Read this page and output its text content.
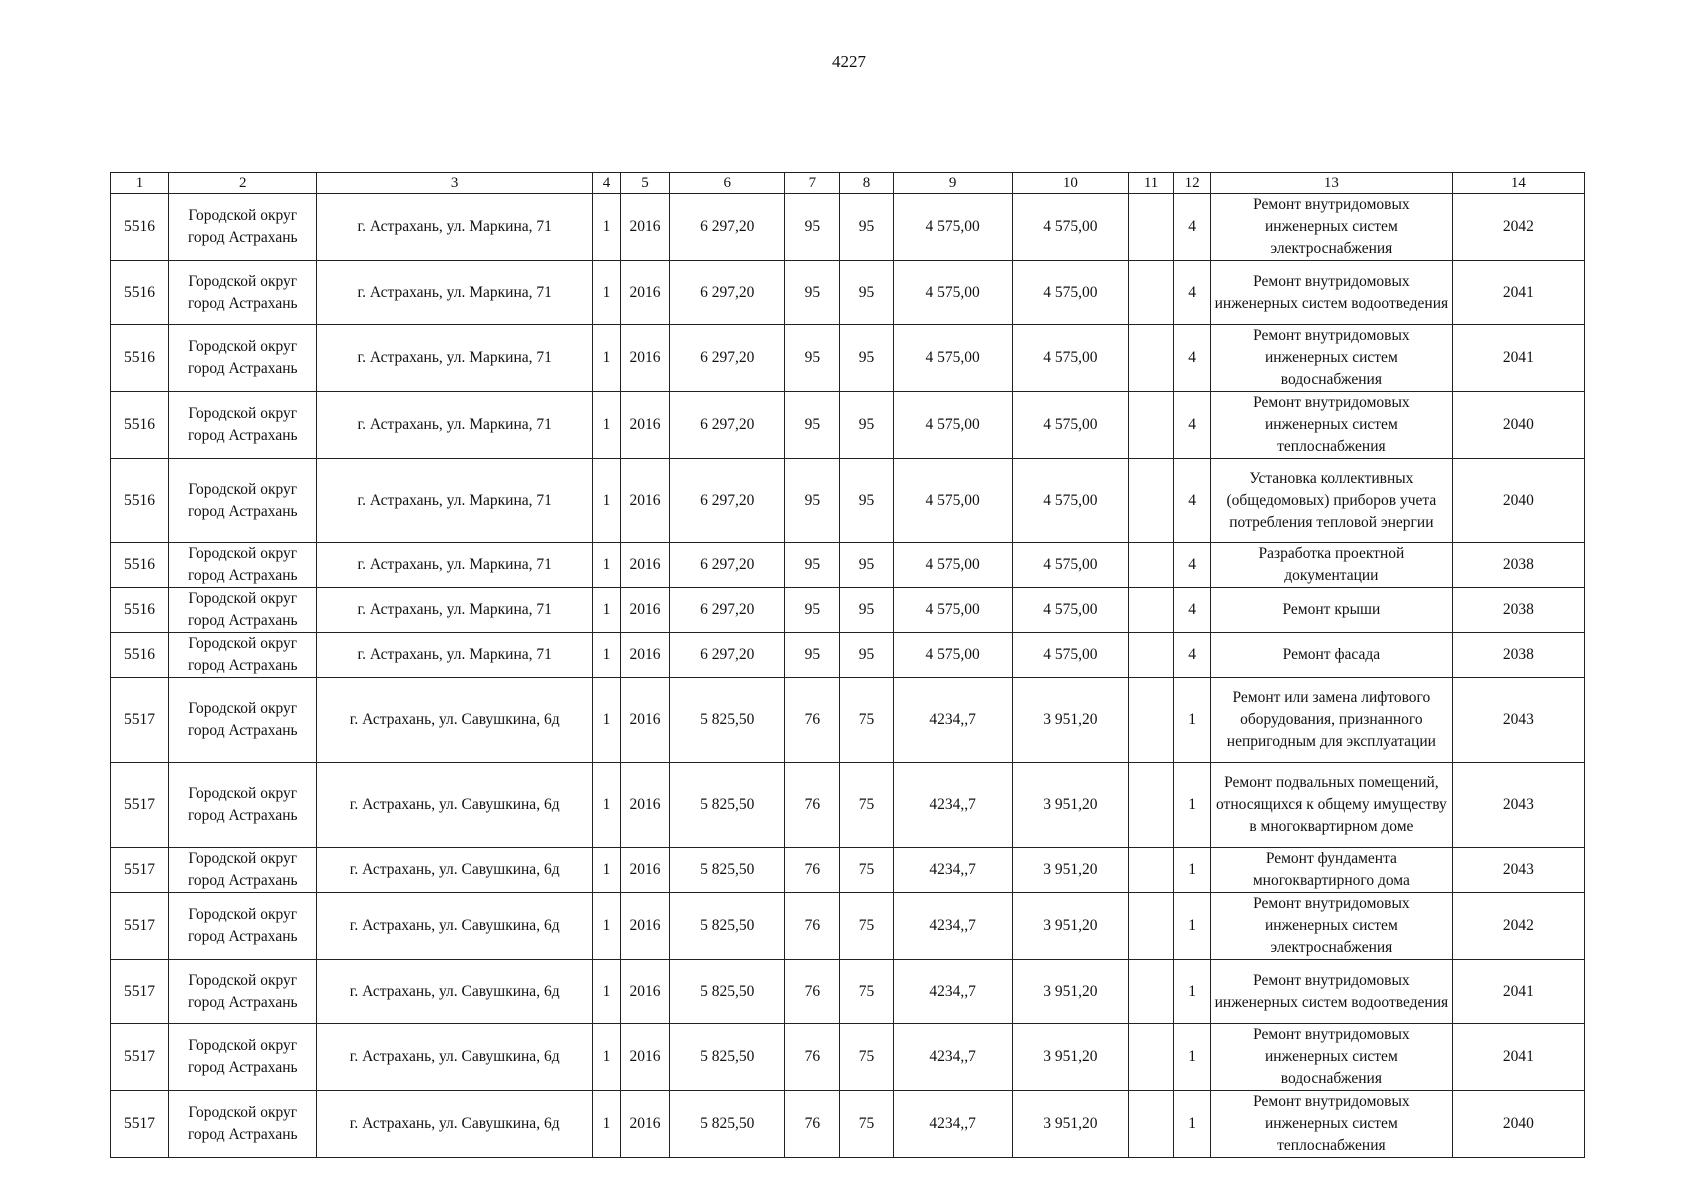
4227
1	2	3	4	5	6	7	8	9	10	11	12	13	14
5516	Городской округ город Астрахань	г. Астрахань, ул. Маркина, 71	1	2016	6 297,20	95	95	4 575,00	4 575,00		4	Ремонт внутридомовых инженерных систем электроснабжения	2042
5516	Городской округ город Астрахань	г. Астрахань, ул. Маркина, 71	1	2016	6 297,20	95	95	4 575,00	4 575,00		4	Ремонт внутридомовых инженерных систем водоотведения	2041
5516	Городской округ город Астрахань	г. Астрахань, ул. Маркина, 71	1	2016	6 297,20	95	95	4 575,00	4 575,00		4	Ремонт внутридомовых инженерных систем водоснабжения	2041
5516	Городской округ город Астрахань	г. Астрахань, ул. Маркина, 71	1	2016	6 297,20	95	95	4 575,00	4 575,00		4	Ремонт внутридомовых инженерных систем теплоснабжения	2040
5516	Городской округ город Астрахань	г. Астрахань, ул. Маркина, 71	1	2016	6 297,20	95	95	4 575,00	4 575,00		4	Установка коллективных (общедомовых) приборов учета потребления тепловой энергии	2040
5516	Городской округ город Астрахань	г. Астрахань, ул. Маркина, 71	1	2016	6 297,20	95	95	4 575,00	4 575,00		4	Разработка проектной документации	2038
5516	Городской округ город Астрахань	г. Астрахань, ул. Маркина, 71	1	2016	6 297,20	95	95	4 575,00	4 575,00		4	Ремонт крыши	2038
5516	Городской округ город Астрахань	г. Астрахань, ул. Маркина, 71	1	2016	6 297,20	95	95	4 575,00	4 575,00		4	Ремонт фасада	2038
5517	Городской округ город Астрахань	г. Астрахань, ул. Савушкина, 6д	1	2016	5 825,50	76	75	4234,,7	3 951,20		1	Ремонт или замена лифтового оборудования, признанного непригодным для эксплуатации	2043
5517	Городской округ город Астрахань	г. Астрахань, ул. Савушкина, 6д	1	2016	5 825,50	76	75	4234,,7	3 951,20		1	Ремонт подвальных помещений, относящихся к общему имуществу в многоквартирном доме	2043
5517	Городской округ город Астрахань	г. Астрахань, ул. Савушкина, 6д	1	2016	5 825,50	76	75	4234,,7	3 951,20		1	Ремонт фундамента многоквартирного дома	2043
5517	Городской округ город Астрахань	г. Астрахань, ул. Савушкина, 6д	1	2016	5 825,50	76	75	4234,,7	3 951,20		1	Ремонт внутридомовых инженерных систем электроснабжения	2042
5517	Городской округ город Астрахань	г. Астрахань, ул. Савушкина, 6д	1	2016	5 825,50	76	75	4234,,7	3 951,20		1	Ремонт внутридомовых инженерных систем водоотведения	2041
5517	Городской округ город Астрахань	г. Астрахань, ул. Савушкина, 6д	1	2016	5 825,50	76	75	4234,,7	3 951,20		1	Ремонт внутридомовых инженерных систем водоснабжения	2041
5517	Городской округ город Астрахань	г. Астрахань, ул. Савушкина, 6д	1	2016	5 825,50	76	75	4234,,7	3 951,20		1	Ремонт внутридомовых инженерных систем теплоснабжения	2040
